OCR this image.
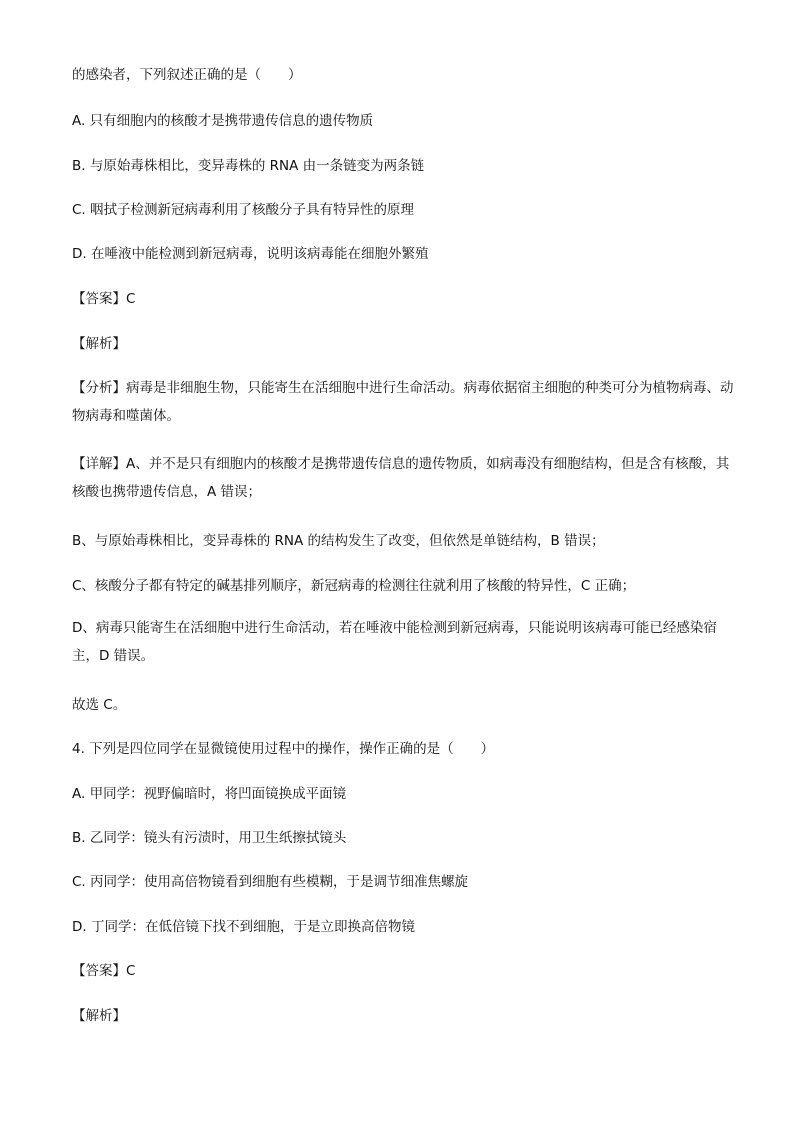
的感染者，下列叙述正确的是（　　）
A. 只有细胞内的核酸才是携带遗传信息的遗传物质
B. 与原始毒株相比，变异毒株的 RNA 由一条链变为两条链
C. 咽拭子检测新冠病毒利用了核酸分子具有特异性的原理
D. 在唾液中能检测到新冠病毒，说明该病毒能在细胞外繁殖
【答案】C
【解析】
【分析】病毒是非细胞生物，只能寄生在活细胞中进行生命活动。病毒依据宿主细胞的种类可分为植物病毒、动物病毒和噬菌体。
【详解】A、并不是只有细胞内的核酸才是携带遗传信息的遗传物质，如病毒没有细胞结构，但是含有核酸，其核酸也携带遗传信息，A 错误；
B、与原始毒株相比，变异毒株的 RNA 的结构发生了改变，但依然是单链结构，B 错误；
C、核酸分子都有特定的碱基排列顺序，新冠病毒的检测往往就利用了核酸的特异性，C 正确；
D、病毒只能寄生在活细胞中进行生命活动，若在唾液中能检测到新冠病毒，只能说明该病毒可能已经感染宿主，D 错误。
故选 C。
4. 下列是四位同学在显微镜使用过程中的操作，操作正确的是（　　）
A. 甲同学：视野偏暗时，将凹面镜换成平面镜
B. 乙同学：镜头有污渍时，用卫生纸擦拭镜头
C. 丙同学：使用高倍物镜看到细胞有些模糊，于是调节细准焦螺旋
D. 丁同学：在低倍镜下找不到细胞，于是立即换高倍物镜
【答案】C
【解析】
